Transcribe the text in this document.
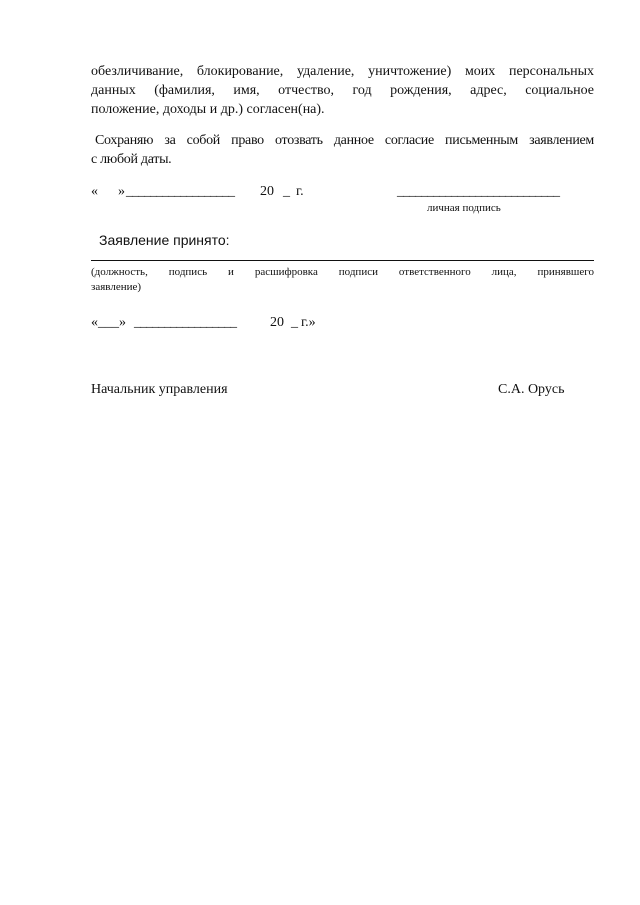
обезличивание, блокирование, удаление, уничтожение) моих персональных
данных (фамилия, имя, отчество, год рождения, адрес, социальное
положение, доходы и др.) согласен(на).
Сохраняю за собой право отозвать данное согласие письменным заявлением
с любой даты.
« » __________________ 20 _ г.	___________________________
личная подпись
Заявление принято:
(должность, подпись и расшифровка подписи ответственного лица, принявшего
заявление)
«___» _________________ 20 _ г.»
Начальник управления	С.А. Орусь
